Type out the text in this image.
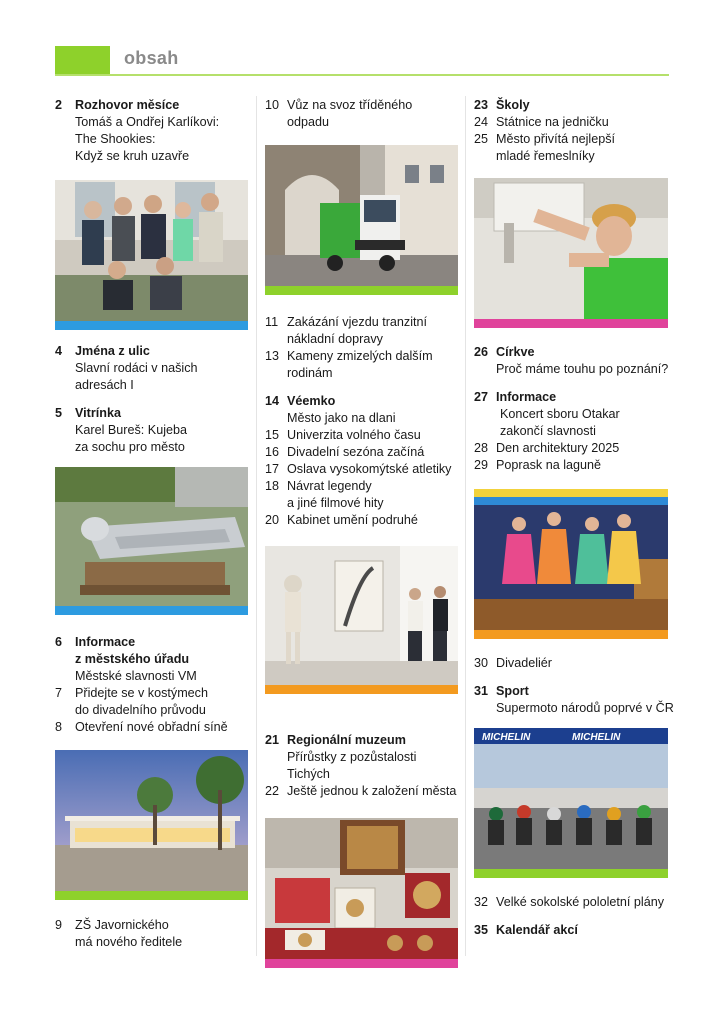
obsah
2	Rozhovor měsíce
Tomáš a Ondřej Karlíkovi:
The Shookies:
Když se kruh uzavře
4	Jména z ulic
Slavní rodáci v našich
adresách I
5	Vitrínka
Karel Bureš: Kujeba
za sochu pro město
6	Informace
z městského úřadu
Městské slavnosti VM
7	Přidejte se v kostýmech
do divadelního průvodu
8	Otevření nové obřadní síně
9	ZŠ Javornického
má nového ředitele
10 Vůz na svoz tříděného
odpadu
11 Zakázání vjezdu tranzitní
nákladní dopravy
13 Kameny zmizelých dalším
rodinám
14 Véemko
Město jako na dlani
15 Univerzita volného času
16 Divadelní sezóna začíná
17 Oslava vysokomýtské atletiky
18 Návrat legendy
a jiné filmové hity
20 Kabinet umění podruhé
21 Regionální muzeum
Přírůstky z pozůstalosti Tichých
22 Ještě jednou k založení města
23 Školy
24 Státnice na jedničku
25 Město přivítá nejlepší
mladé řemeslníky
26 Církve
Proč máme touhu po poznání?
27 Informace
Koncert sboru Otakar
zakončí slavnosti
28 Den architektury 2025
29 Poprask na laguně
30 Divadeliér
31 Sport
Supermoto národů poprvé v ČR
MICHELIN	MICHELIN
32 Velké sokolské pololetní plány
35 Kalendář akcí
